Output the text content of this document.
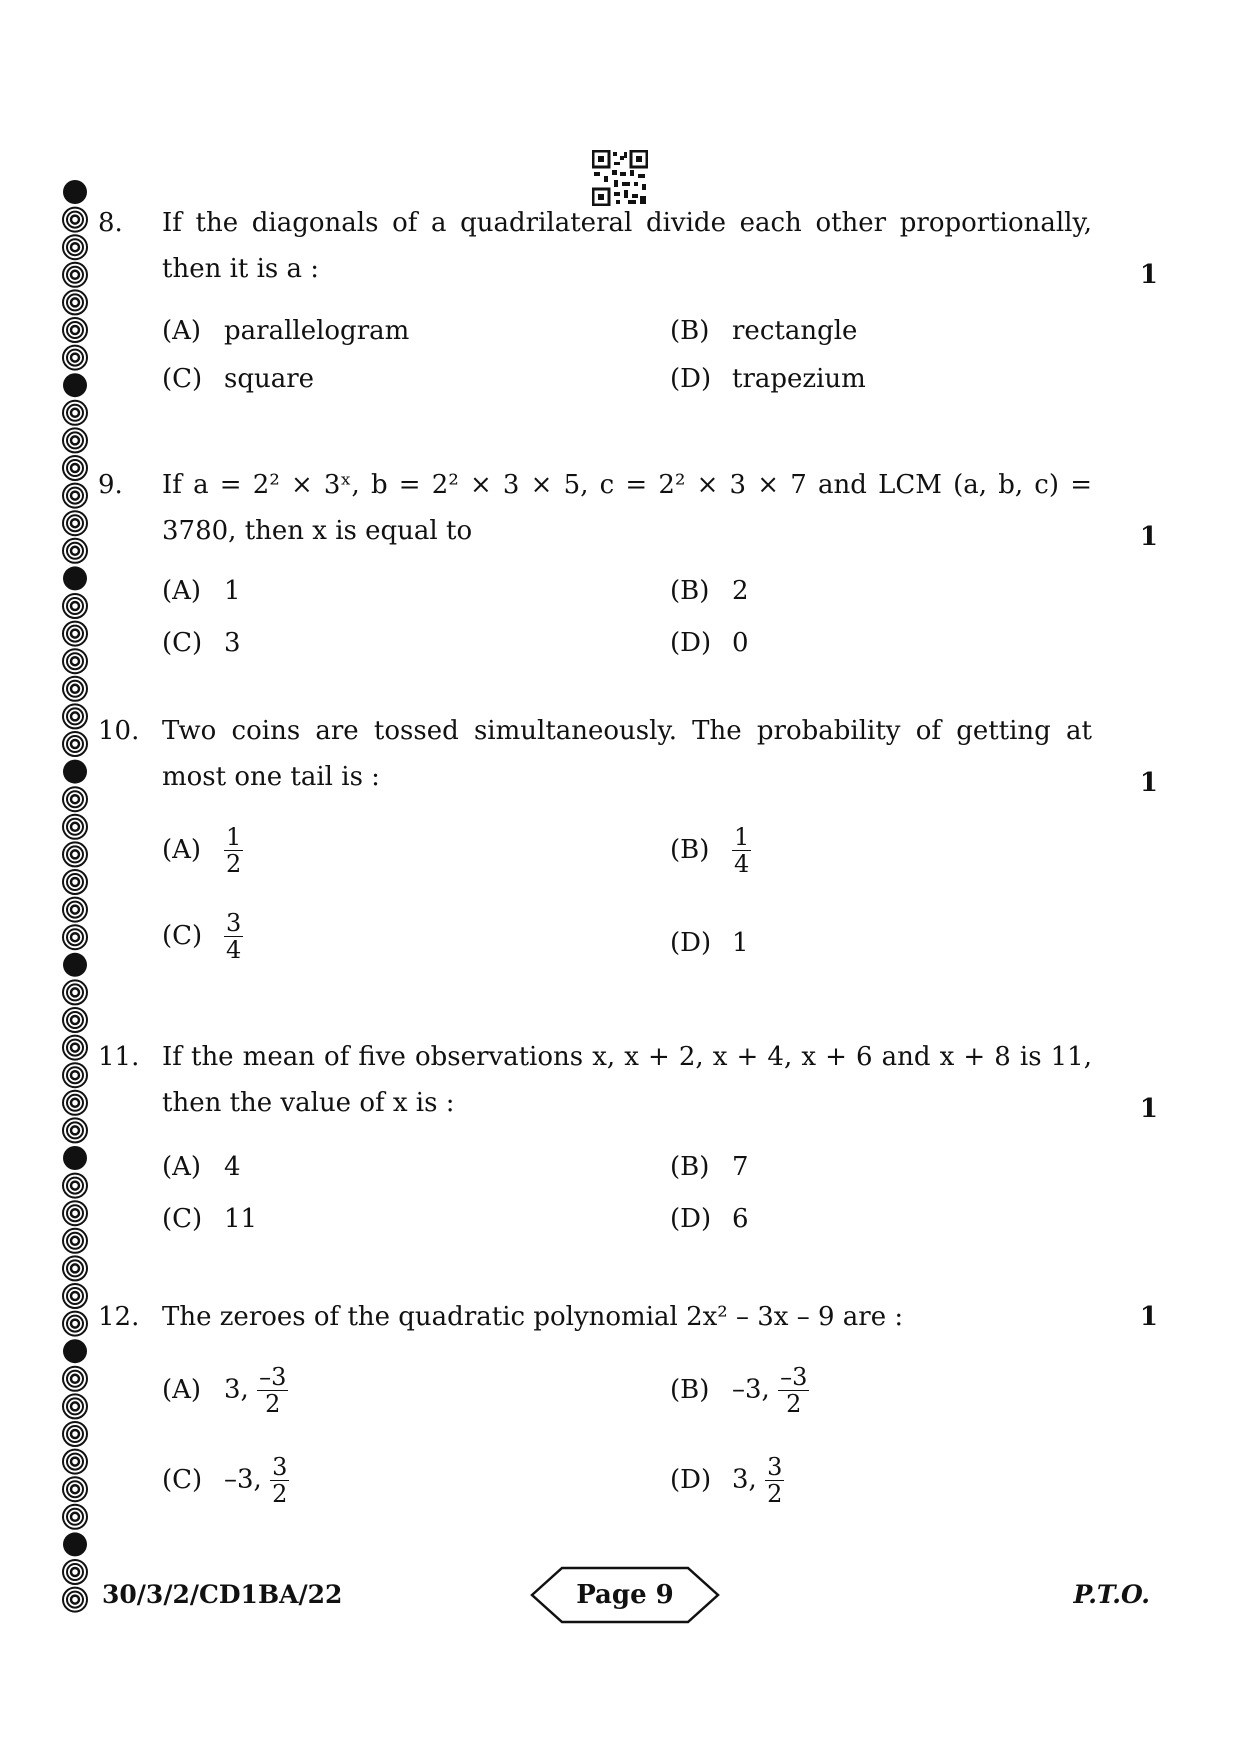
8. If the diagonals of a quadrilateral divide each other proportionally, then it is a :	1
(A) parallelogram	(B) rectangle
(C) square	(D) trapezium
9. If a = 2² × 3ˣ, b = 2² × 3 × 5, c = 2² × 3 × 7 and LCM (a, b, c) = 3780, then x is equal to	1
(A) 1	(B) 2
(C) 3	(D) 0
10. Two coins are tossed simultaneously. The probability of getting at most one tail is :	1
$(A) \frac{1}{2}$	$(B) \frac{1}{4}$
$(C) \frac{3}{4}$	(D) 1
11. If the mean of five observations x, x + 2, x + 4, x + 6 and x + 8 is 11, then the value of x is :	1
(A) 4	(B) 7
(C) 11	(D) 6
12. The zeroes of the quadratic polynomial 2x² – 3x – 9 are :	1
(A) 3, $\frac{-3}{2}$	(B) –3, $\frac{-3}{2}$
(C) –3, $\frac{3}{2}$	(D) 3, $\frac{3}{2}$
30/3/2/CD1BA/22	Page 9	P.T.O.
